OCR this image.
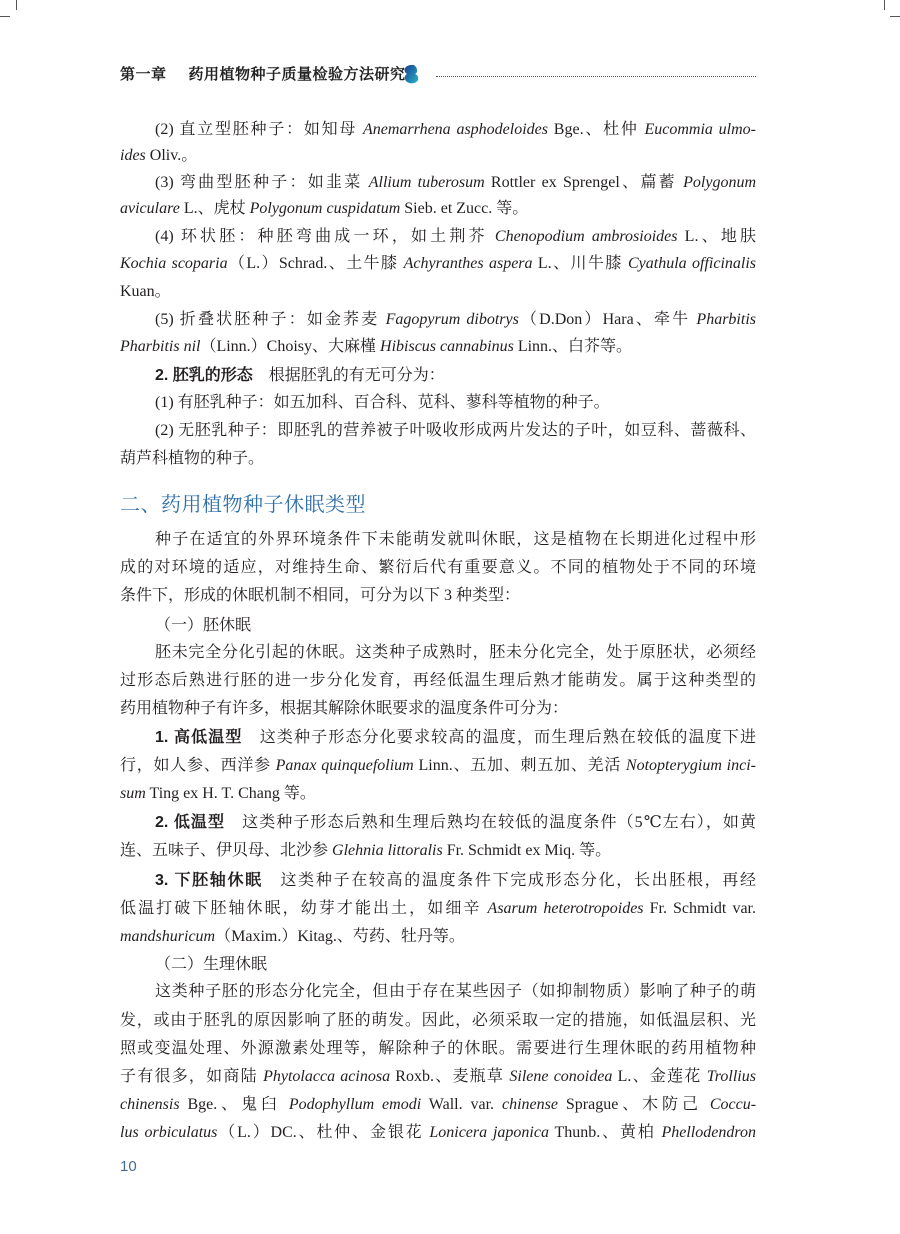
第一章 药用植物种子质量检验方法研究
(2) 直立型胚种子：如知母 Anemarrhena asphodeloides Bge.、杜仲 Eucommia ulmo-
ides Oliv.。
(3) 弯曲型胚种子：如韭菜 Allium tuberosum Rottler ex Sprengel、萹蓄 Polygonum
aviculare L.、虎杖 Polygonum cuspidatum Sieb. et Zucc. 等。
(4) 环状胚：种胚弯曲成一环，如土荆芥 Chenopodium ambrosioides L.、地肤
Kochia scoparia（L.）Schrad.、土牛膝 Achyranthes aspera L.、川牛膝 Cyathula officinalis
Kuan。
(5) 折叠状胚种子：如金荞麦 Fagopyrum dibotrys（D.Don）Hara、牵牛 Pharbitis
Pharbitis nil（Linn.）Choisy、大麻槿 Hibiscus cannabinus Linn.、白芥等。
2. 胚乳的形态　根据胚乳的有无可分为：
(1) 有胚乳种子：如五加科、百合科、苋科、蓼科等植物的种子。
(2) 无胚乳种子：即胚乳的营养被子叶吸收形成两片发达的子叶，如豆科、蔷薇科、
葫芦科植物的种子。
种子在适宜的外界环境条件下未能萌发就叫休眠，这是植物在长期进化过程中形
成的对环境的适应，对维持生命、繁衍后代有重要意义。不同的植物处于不同的环境
条件下，形成的休眠机制不相同，可分为以下 3 种类型：
（一）胚休眠
胚未完全分化引起的休眠。这类种子成熟时，胚未分化完全，处于原胚状，必须经
过形态后熟进行胚的进一步分化发育，再经低温生理后熟才能萌发。属于这种类型的
药用植物种子有许多，根据其解除休眠要求的温度条件可分为：
1. 高低温型　这类种子形态分化要求较高的温度，而生理后熟在较低的温度下进
行，如人参、西洋参 Panax quinquefolium Linn.、五加、刺五加、羌活 Notopterygium inci-
sum Ting ex H. T. Chang 等。
2. 低温型　这类种子形态后熟和生理后熟均在较低的温度条件（5℃左右），如黄
连、五味子、伊贝母、北沙参 Glehnia littoralis Fr. Schmidt ex Miq. 等。
3. 下胚轴休眠　这类种子在较高的温度条件下完成形态分化，长出胚根，再经
低温打破下胚轴休眠，幼芽才能出土，如细辛 Asarum heterotropoides Fr. Schmidt var.
mandshuricum（Maxim.）Kitag.、芍药、牡丹等。
（二）生理休眠
这类种子胚的形态分化完全，但由于存在某些因子（如抑制物质）影响了种子的萌
发，或由于胚乳的原因影响了胚的萌发。因此，必须采取一定的措施，如低温层积、光
照或变温处理、外源激素处理等，解除种子的休眠。需要进行生理休眠的药用植物种
子有很多，如商陆 Phytolacca acinosa Roxb.、麦瓶草 Silene conoidea L.、金莲花 Trollius
chinensis Bge.、鬼臼 Podophyllum emodi Wall. var. chinense Sprague、木防己 Coccu-
lus orbiculatus（L.）DC.、杜仲、金银花 Lonicera japonica Thunb.、黄柏 Phellodendron
二、药用植物种子休眠类型
10
